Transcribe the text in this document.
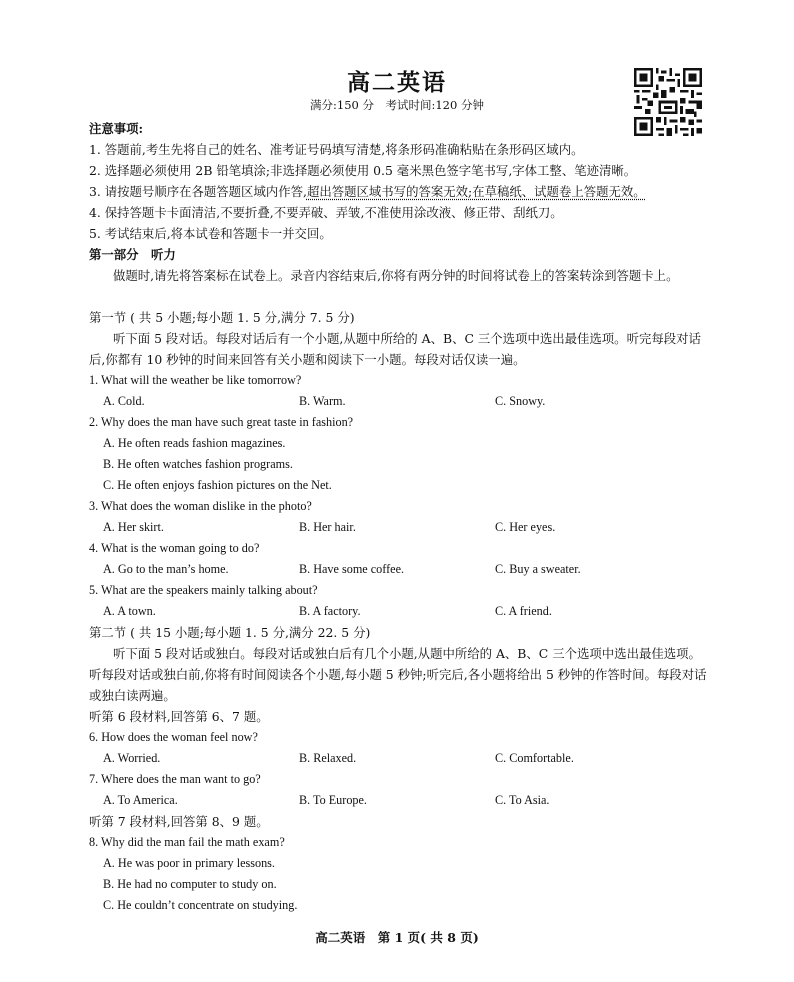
高二英语
满分:150 分　考试时间:120 分钟
注意事项:
1. 答题前,考生先将自己的姓名、准考证号码填写清楚,将条形码准确粘贴在条形码区域内。
2. 选择题必须使用 2B 铅笔填涂;非选择题必须使用 0.5 毫米黑色签字笔书写,字体工整、笔迹清晰。
3. 请按题号顺序在各题答题区域内作答,超出答题区域书写的答案无效;在草稿纸、试题卷上答题无效。
4. 保持答题卡卡面清洁,不要折叠,不要弄破、弄皱,不准使用涂改液、修正带、刮纸刀。
5. 考试结束后,将本试卷和答题卡一并交回。
第一部分　听力
做题时,请先将答案标在试卷上。录音内容结束后,你将有两分钟的时间将试卷上的答案转涂到答题卡上。
第一节 ( 共 5 小题;每小题 1. 5 分,满分 7. 5 分)
听下面 5 段对话。每段对话后有一个小题,从题中所给的 A、B、C 三个选项中选出最佳选项。听完每段对话后,你都有 10 秒钟的时间来回答有关小题和阅读下一小题。每段对话仅读一遍。
1. What will the weather be like tomorrow?
A. Cold.	B. Warm.	C. Snowy.
2. Why does the man have such great taste in fashion?
A. He often reads fashion magazines.
B. He often watches fashion programs.
C. He often enjoys fashion pictures on the Net.
3. What does the woman dislike in the photo?
A. Her skirt.	B. Her hair.	C. Her eyes.
4. What is the woman going to do?
A. Go to the man’s home.	B. Have some coffee.	C. Buy a sweater.
5. What are the speakers mainly talking about?
A. A town.	B. A factory.	C. A friend.
第二节 ( 共 15 小题;每小题 1. 5 分,满分 22. 5 分)
听下面 5 段对话或独白。每段对话或独白后有几个小题,从题中所给的 A、B、C 三个选项中选出最佳选项。听每段对话或独白前,你将有时间阅读各个小题,每小题 5 秒钟;听完后,各小题将给出 5 秒钟的作答时间。每段对话或独白读两遍。
听第 6 段材料,回答第 6、7 题。
6. How does the woman feel now?
A. Worried.	B. Relaxed.	C. Comfortable.
7. Where does the man want to go?
A. To America.	B. To Europe.	C. To Asia.
听第 7 段材料,回答第 8、9 题。
8. Why did the man fail the math exam?
A. He was poor in primary lessons.
B. He had no computer to study on.
C. He couldn’t concentrate on studying.
高二英语　第 1 页( 共 8 页)
